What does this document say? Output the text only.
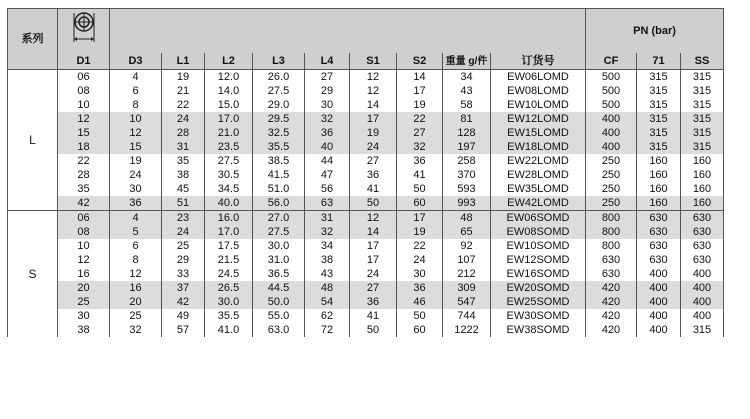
系列											PN (bar)		
	D1	D3	L1	L2	L3	L4	S1	S2	重量 g/件	订货号	CF	71	SS
L	06	4	19	12.0	26.0	27	12	14	34	EW06LOMD	500	315	315
	08	6	21	14.0	27.5	29	12	17	43	EW08LOMD	500	315	315
	10	8	22	15.0	29.0	30	14	19	58	EW10LOMD	500	315	315
	12	10	24	17.0	29.5	32	17	22	81	EW12LOMD	400	315	315
	15	12	28	21.0	32.5	36	19	27	128	EW15LOMD	400	315	315
	18	15	31	23.5	35.5	40	24	32	197	EW18LOMD	400	315	315
	22	19	35	27.5	38.5	44	27	36	258	EW22LOMD	250	160	160
	28	24	38	30.5	41.5	47	36	41	370	EW28LOMD	250	160	160
	35	30	45	34.5	51.0	56	41	50	593	EW35LOMD	250	160	160
	42	36	51	40.0	56.0	63	50	60	993	EW42LOMD	250	160	160
S	06	4	23	16.0	27.0	31	12	17	48	EW06SOMD	800	630	630
	08	5	24	17.0	27.5	32	14	19	65	EW08SOMD	800	630	630
	10	6	25	17.5	30.0	34	17	22	92	EW10SOMD	800	630	630
	12	8	29	21.5	31.0	38	17	24	107	EW12SOMD	630	630	630
	16	12	33	24.5	36.5	43	24	30	212	EW16SOMD	630	400	400
	20	16	37	26.5	44.5	48	27	36	309	EW20SOMD	420	400	400
	25	20	42	30.0	50.0	54	36	46	547	EW25SOMD	420	400	400
	30	25	49	35.5	55.0	62	41	50	744	EW30SOMD	420	400	400
	38	32	57	41.0	63.0	72	50	60	1222	EW38SOMD	420	400	315
